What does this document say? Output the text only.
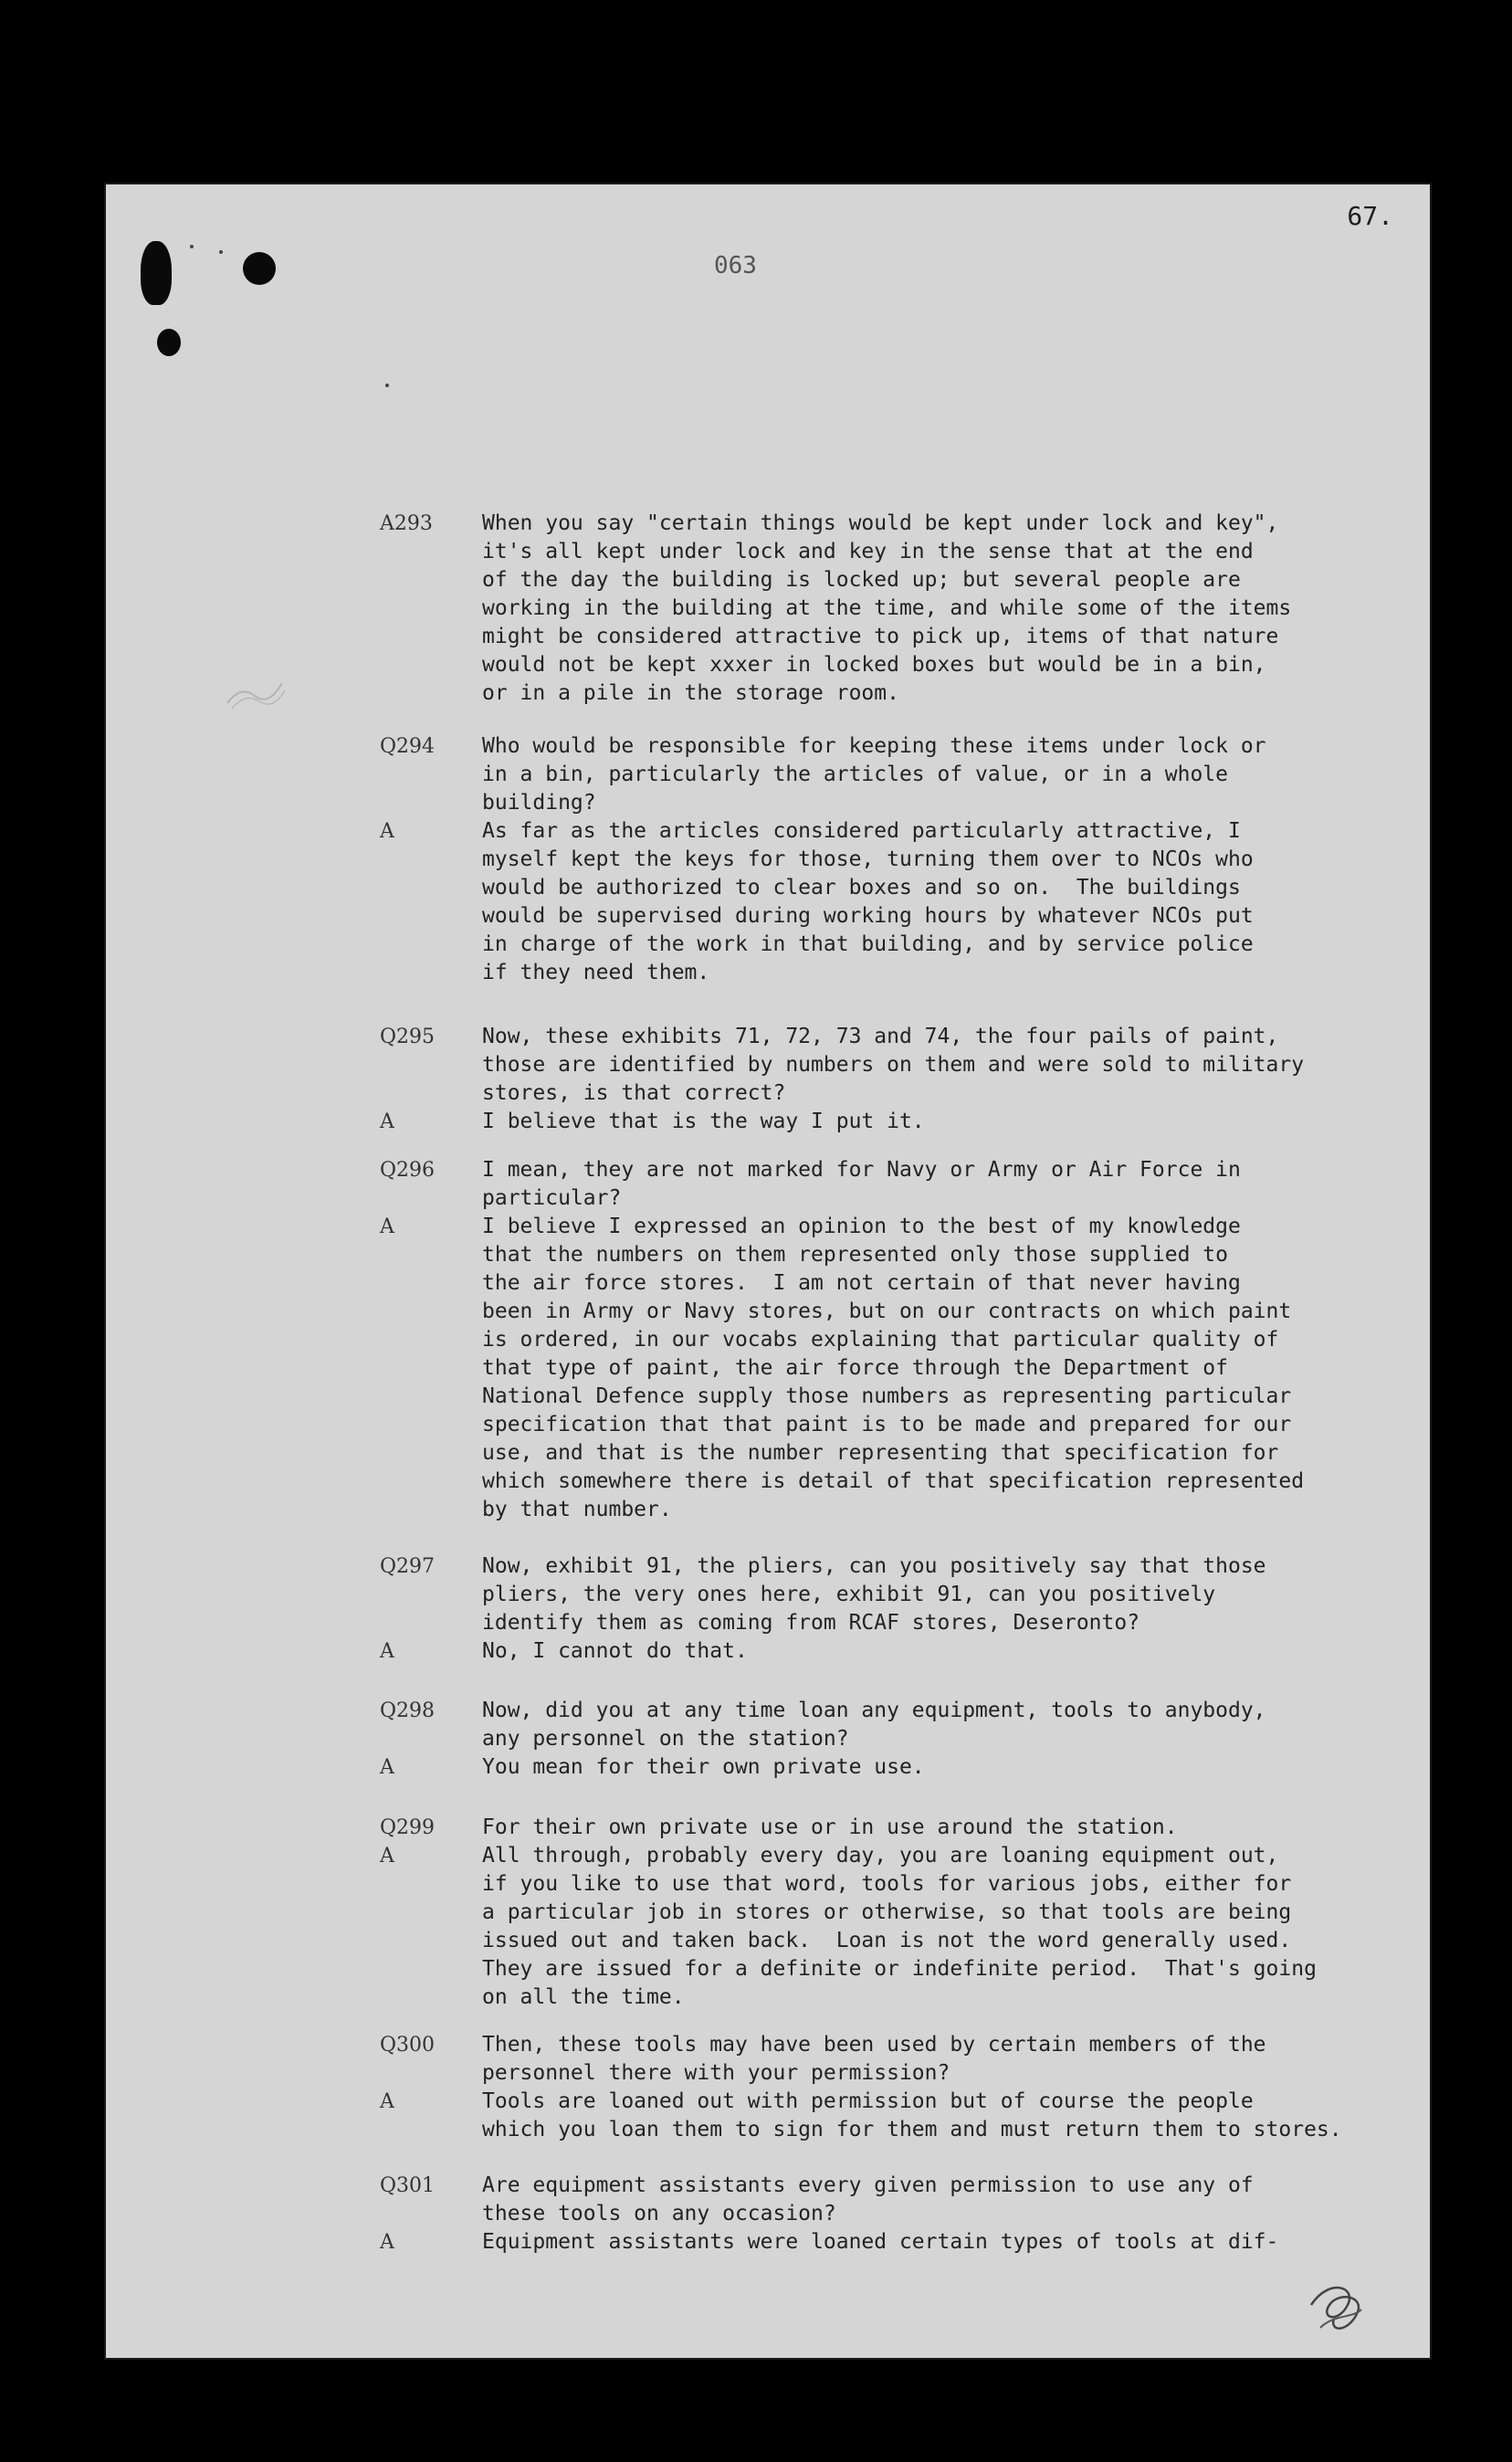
67.
063
A293 When you say "certain things would be kept under lock and key",
it's all kept under lock and key in the sense that at the end
of the day the building is locked up; but several people are
working in the building at the time, and while some of the items
might be considered attractive to pick up, items of that nature
would not be kept xxxer in locked boxes but would be in a bin,
or in a pile in the storage room.
Q294 Who would be responsible for keeping these items under lock or
in a bin, particularly the articles of value, or in a whole
building?
A	As far as the articles considered particularly attractive, I
myself kept the keys for those, turning them over to NCOs who
would be authorized to clear boxes and so on.  The buildings
would be supervised during working hours by whatever NCOs put
in charge of the work in that building, and by service police
if they need them.
Q295 Now, these exhibits 71, 72, 73 and 74, the four pails of paint,
those are identified by numbers on them and were sold to military
stores, is that correct?
A	I believe that is the way I put it.
Q296 I mean, they are not marked for Navy or Army or Air Force in
particular?
A	I believe I expressed an opinion to the best of my knowledge
that the numbers on them represented only those supplied to
the air force stores.  I am not certain of that never having
been in Army or Navy stores, but on our contracts on which paint
is ordered, in our vocabs explaining that particular quality of
that type of paint, the air force through the Department of
National Defence supply those numbers as representing particular
specification that that paint is to be made and prepared for our
use, and that is the number representing that specification for
which somewhere there is detail of that specification represented
by that number.
Q297 Now, exhibit 91, the pliers, can you positively say that those
pliers, the very ones here, exhibit 91, can you positively
identify them as coming from RCAF stores, Deseronto?
A	No, I cannot do that.
Q298 Now, did you at any time loan any equipment, tools to anybody,
any personnel on the station?
A	You mean for their own private use.
Q299 For their own private use or in use around the station.
A	All through, probably every day, you are loaning equipment out,
if you like to use that word, tools for various jobs, either for
a particular job in stores or otherwise, so that tools are being
issued out and taken back.  Loan is not the word generally used.
They are issued for a definite or indefinite period.  That's going
on all the time.
Q300 Then, these tools may have been used by certain members of the
personnel there with your permission?
A	Tools are loaned out with permission but of course the people
which you loan them to sign for them and must return them to stores.
Q301 Are equipment assistants every given permission to use any of
these tools on any occasion?
A	Equipment assistants were loaned certain types of tools at dif-
